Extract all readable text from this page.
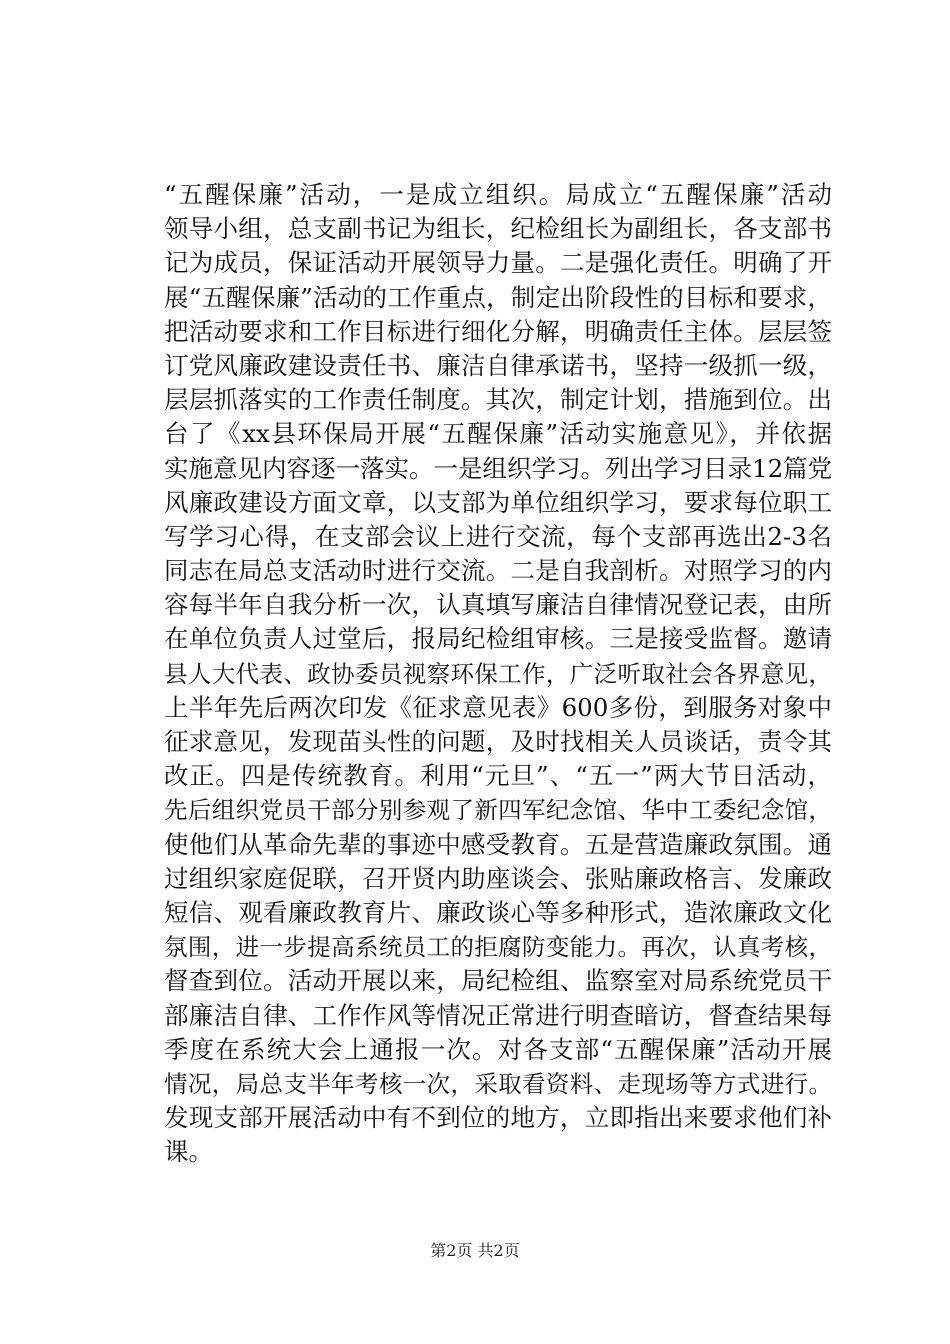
“五醒保廉”活动，一是成立组织。局成立“五醒保廉”活动
领导小组，总支副书记为组长，纪检组长为副组长，各支部书
记为成员，保证活动开展领导力量。二是强化责任。明确了开
展“五醒保廉”活动的工作重点，制定出阶段性的目标和要求，
把活动要求和工作目标进行细化分解，明确责任主体。层层签
订党风廉政建设责任书、廉洁自律承诺书，坚持一级抓一级，
层层抓落实的工作责任制度。其次，制定计划，措施到位。出
台了《xx县环保局开展“五醒保廉”活动实施意见》，并依据
实施意见内容逐一落实。一是组织学习。列出学习目录12篇党
风廉政建设方面文章，以支部为单位组织学习，要求每位职工
写学习心得，在支部会议上进行交流，每个支部再选出2-3名
同志在局总支活动时进行交流。二是自我剖析。对照学习的内
容每半年自我分析一次，认真填写廉洁自律情况登记表，由所
在单位负责人过堂后，报局纪检组审核。三是接受监督。邀请
县人大代表、政协委员视察环保工作，广泛听取社会各界意见，
上半年先后两次印发《征求意见表》600多份，到服务对象中
征求意见，发现苗头性的问题，及时找相关人员谈话，责令其
改正。四是传统教育。利用“元旦”、“五一”两大节日活动，
先后组织党员干部分别参观了新四军纪念馆、华中工委纪念馆，
使他们从革命先辈的事迹中感受教育。五是营造廉政氛围。通
过组织家庭促联，召开贤内助座谈会、张贴廉政格言、发廉政
短信、观看廉政教育片、廉政谈心等多种形式，造浓廉政文化
氛围，进一步提高系统员工的拒腐防变能力。再次，认真考核，
督查到位。活动开展以来，局纪检组、监察室对局系统党员干
部廉洁自律、工作作风等情况正常进行明查暗访，督查结果每
季度在系统大会上通报一次。对各支部“五醒保廉”活动开展
情况，局总支半年考核一次，采取看资料、走现场等方式进行。
发现支部开展活动中有不到位的地方，立即指出来要求他们补
课。
第2页 共2页
